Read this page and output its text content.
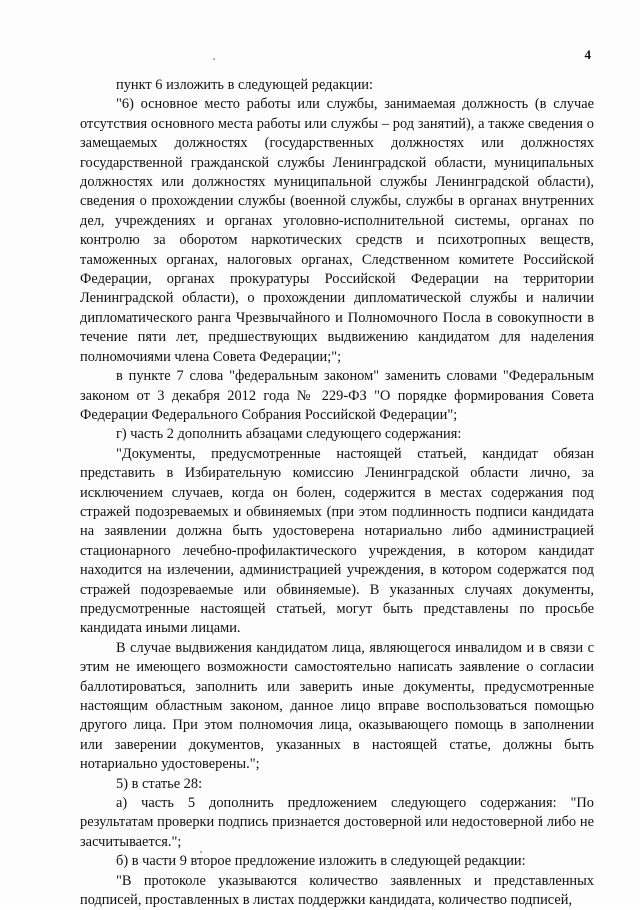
4

пункт 6 изложить в следующей редакции:

"6) основное место работы или службы, занимаемая должность (в случае отсутствия основного места работы или службы – род занятий), а также сведения о замещаемых должностях (государственных должностях или должностях государственной гражданской службы Ленинградской области, муниципальных должностях или должностях муниципальной службы Ленинградской области), сведения о прохождении службы (военной службы, службы в органах внутренних дел, учреждениях и органах уголовно-исполнительной системы, органах по контролю за оборотом наркотических средств и психотропных веществ, таможенных органах, налоговых органах, Следственном комитете Российской Федерации, органах прокуратуры Российской Федерации на территории Ленинградской области), о прохождении дипломатической службы и наличии дипломатического ранга Чрезвычайного и Полномочного Посла в совокупности в течение пяти лет, предшествующих выдвижению кандидатом для наделения полномочиями члена Совета Федерации;";

в пункте 7 слова "федеральным законом" заменить словами "Федеральным законом от 3 декабря 2012 года № 229-ФЗ "О порядке формирования Совета Федерации Федерального Собрания Российской Федерации";

г) часть 2 дополнить абзацами следующего содержания:

"Документы, предусмотренные настоящей статьей, кандидат обязан представить в Избирательную комиссию Ленинградской области лично, за исключением случаев, когда он болен, содержится в местах содержания под стражей подозреваемых и обвиняемых (при этом подлинность подписи кандидата на заявлении должна быть удостоверена нотариально либо администрацией стационарного лечебно-профилактического учреждения, в котором кандидат находится на излечении, администрацией учреждения, в котором содержатся под стражей подозреваемые или обвиняемые). В указанных случаях документы, предусмотренные настоящей статьей, могут быть представлены по просьбе кандидата иными лицами.

В случае выдвижения кандидатом лица, являющегося инвалидом и в связи с этим не имеющего возможности самостоятельно написать заявление о согласии баллотироваться, заполнить или заверить иные документы, предусмотренные настоящим областным законом, данное лицо вправе воспользоваться помощью другого лица. При этом полномочия лица, оказывающего помощь в заполнении или заверении документов, указанных в настоящей статье, должны быть нотариально удостоверены.";

5) в статье 28:

а) часть 5 дополнить предложением следующего содержания: "По результатам проверки подпись признается достоверной или недостоверной либо не засчитывается.";

б) в части 9 второе предложение изложить в следующей редакции:

"В протоколе указываются количество заявленных и представленных подписей, проставленных в листах поддержки кандидата, количество подписей,
